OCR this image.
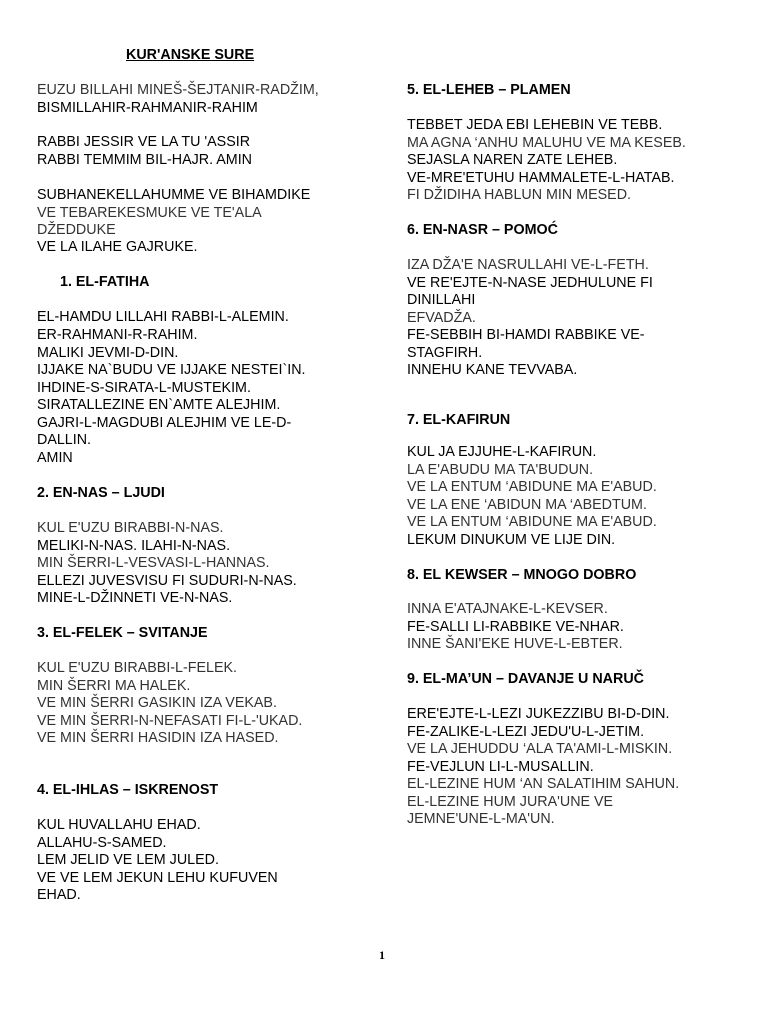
KUR'ANSKE SURE
EUZU BILLAHI MINEŠ-ŠEJTANIR-RADŽIM,
BISMILLAHIR-RAHMANIR-RAHIM
RABBI JESSIR VE LA TU 'ASSIR
RABBI TEMMIM BIL-HAJR. AMIN
SUBHANEKELLAHUMME VE BIHAMDIKE
VE TEBAREKESMUKE VE TE'ALA
DŽEDDUKE
VE LA ILAHE GAJRUKE.
1. EL-FATIHA
EL-HAMDU LILLAHI RABBI-L-ALEMIN.
ER-RAHMANI-R-RAHIM.
MALIKI JEVMI-D-DIN.
IJJAKE NA`BUDU VE IJJAKE NESTEI`IN.
IHDINE-S-SIRATA-L-MUSTEKIM.
SIRATALLEZINE EN`AMTE ALEJHIM.
GAJRI-L-MAGDUBI ALEJHIM VE LE-D-
DALLIN.
AMIN
2. EN-NAS – LJUDI
KUL E'UZU BIRABBI-N-NAS.
MELIKI-N-NAS. ILAHI-N-NAS.
MIN ŠERRI-L-VESVASI-L-HANNAS.
ELLEZI JUVESVISU FI SUDURI-N-NAS.
MINE-L-DŽINNETI VE-N-NAS.
3. EL-FELEK – SVITANJE
KUL E'UZU BIRABBI-L-FELEK.
MIN ŠERRI MA HALEK.
VE MIN ŠERRI GASIKIN IZA VEKAB.
VE MIN ŠERRI-N-NEFASATI FI-L-'UKAD.
VE MIN ŠERRI HASIDIN IZA HASED.
4. EL-IHLAS – ISKRENOST
KUL HUVALLAHU EHAD.
ALLAHU-S-SAMED.
LEM JELID VE LEM JULED.
VE VE LEM JEKUN LEHU KUFUVEN
EHAD.
5. EL-LEHEB – PLAMEN
TEBBET JEDA EBI LEHEBIN VE TEBB.
MA AGNA ‘ANHU MALUHU VE MA KESEB.
SEJASLA NAREN ZATE LEHEB.
VE-MRE'ETUHU HAMMALETE-L-HATAB.
FI DŽIDIHA HABLUN MIN MESED.
6. EN-NASR – POMOĆ
IZA DŽA'E NASRULLAHI VE-L-FETH.
VE RE'EJTE-N-NASE JEDHULUNE FI
DINILLAHI
EFVADŽA.
FE-SEBBIH BI-HAMDI RABBIKE VE-
STAGFIRH.
INNEHU KANE TEVVABA.
7. EL-KAFIRUN
KUL JA EJJUHE-L-KAFIRUN.
LA E'ABUDU MA TA'BUDUN.
VE LA ENTUM ‘ABIDUNE MA E'ABUD.
VE LA ENE ‘ABIDUN MA ‘ABEDTUM.
VE LA ENTUM ‘ABIDUNE MA E'ABUD.
LEKUM DINUKUM VE LIJE DIN.
8. EL KEWSER – MNOGO DOBRO
INNA E'ATAJNAKE-L-KEVSER.
FE-SALLI LI-RABBIKE VE-NHAR.
INNE ŠANI'EKE HUVE-L-EBTER.
9. EL-MA’UN – DAVANJE U NARUČ
ERE'EJTE-L-LEZI JUKEZZIBU BI-D-DIN.
FE-ZALIKE-L-LEZI JEDU'U-L-JETIM.
VE LA JEHUDDU ‘ALA TA'AMI-L-MISKIN.
FE-VEJLUN LI-L-MUSALLIN.
EL-LEZINE HUM ‘AN SALATIHIM SAHUN.
EL-LEZINE HUM JURA'UNE VE
JEMNE'UNE-L-MA'UN.
1
